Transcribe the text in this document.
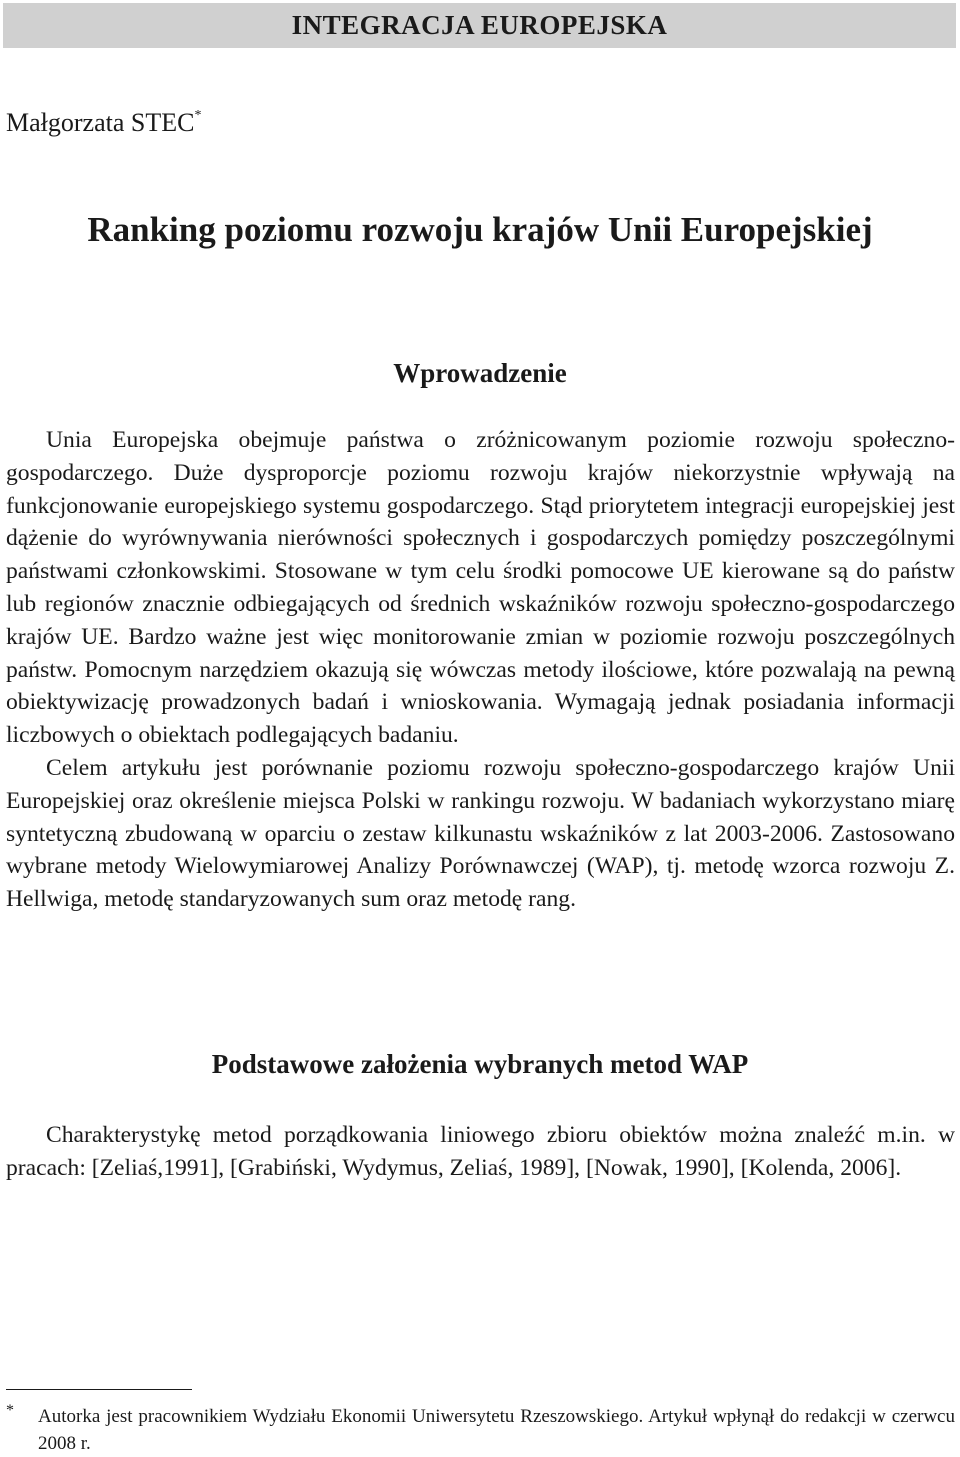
INTEGRACJA EUROPEJSKA
Małgorzata STEC*
Ranking poziomu rozwoju krajów Unii Europejskiej
Wprowadzenie

Unia Europejska obejmuje państwa o zróżnicowanym poziomie rozwoju społeczno-gospodarczego. Duże dysproporcje poziomu rozwoju krajów niekorzystnie wpływają na funkcjonowanie europejskiego systemu gospodarczego. Stąd priorytetem integracji europejskiej jest dążenie do wyrównywania nierówności społecznych i gospodarczych pomiędzy poszczególnymi państwami członkowskimi. Stosowane w tym celu środki pomocowe UE kierowane są do państw lub regionów znacznie odbiegających od średnich wskaźników rozwoju społeczno-gospodarczego krajów UE. Bardzo ważne jest więc monitorowanie zmian w poziomie rozwoju poszczególnych państw. Pomocnym narzędziem okazują się wówczas metody ilościowe, które pozwalają na pewną obiektywizację prowadzonych badań i wnioskowania. Wymagają jednak posiadania informacji liczbowych o obiektach podlegających badaniu.

Celem artykułu jest porównanie poziomu rozwoju społeczno-gospodarczego krajów Unii Europejskiej oraz określenie miejsca Polski w rankingu rozwoju. W badaniach wykorzystano miarę syntetyczną zbudowaną w oparciu o zestaw kilkunastu wskaźników z lat 2003-2006. Zastosowano wybrane metody Wielowymiarowej Analizy Porównawczej (WAP), tj. metodę wzorca rozwoju Z. Hellwiga, metodę standaryzowanych sum oraz metodę rang.

Podstawowe założenia wybranych metod WAP

Charakterystykę metod porządkowania liniowego zbioru obiektów można znaleźć m.in. w pracach: [Zeliaś,1991], [Grabiński, Wydymus, Zeliaś, 1989], [Nowak, 1990], [Kolenda, 2006].

*	Autorka jest pracownikiem Wydziału Ekonomii Uniwersytetu Rzeszowskiego. Artykuł wpłynął do redakcji w czerwcu 2008 r.
